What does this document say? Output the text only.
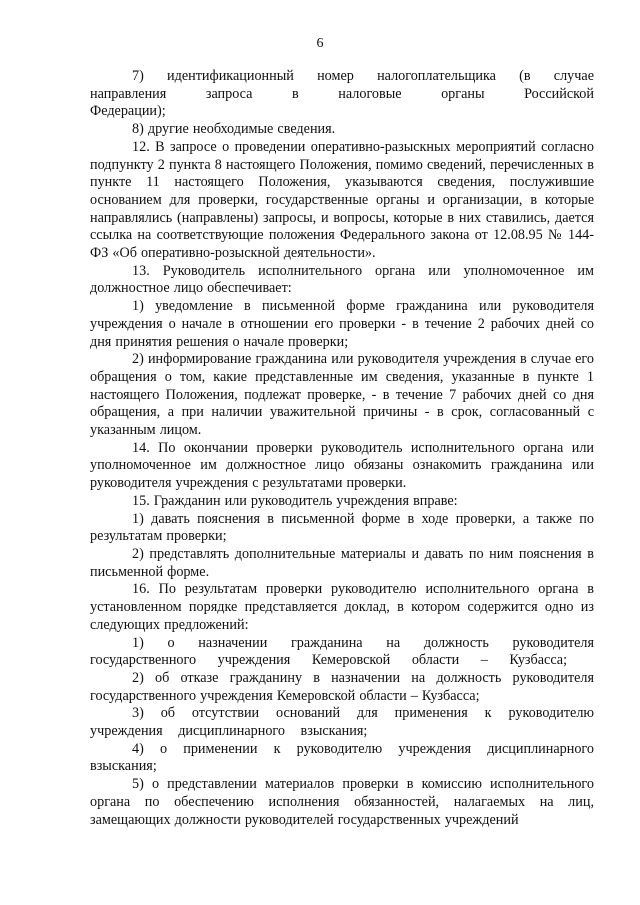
6

7) идентификационный номер налогоплательщика (в случае направления запроса в налоговые органы Российской Федерации);

8) другие необходимые сведения.

12. В запросе о проведении оперативно-разыскных мероприятий согласно подпункту 2 пункта 8 настоящего Положения, помимо сведений, перечисленных в пункте 11 настоящего Положения, указываются сведения, послужившие основанием для проверки, государственные органы и организации, в которые направлялись (направлены) запросы, и вопросы, которые в них ставились, дается ссылка на соответствующие положения Федерального закона от 12.08.95 № 144-ФЗ «Об оперативно-розыскной деятельности».

13. Руководитель исполнительного органа или уполномоченное им должностное лицо обеспечивает:

1) уведомление в письменной форме гражданина или руководителя учреждения о начале в отношении его проверки - в течение 2 рабочих дней со дня принятия решения о начале проверки;

2) информирование гражданина или руководителя учреждения в случае его обращения о том, какие представленные им сведения, указанные в пункте 1 настоящего Положения, подлежат проверке, - в течение 7 рабочих дней со дня обращения, а при наличии уважительной причины - в срок, согласованный с указанным лицом.

14. По окончании проверки руководитель исполнительного органа или уполномоченное им должностное лицо обязаны ознакомить гражданина или руководителя учреждения с результатами проверки.

15. Гражданин или руководитель учреждения вправе:

1) давать пояснения в письменной форме в ходе проверки, а также по результатам проверки;

2) представлять дополнительные материалы и давать по ним пояснения в письменной форме.

16. По результатам проверки руководителю исполнительного органа в установленном порядке представляется доклад, в котором содержится одно из следующих предложений:

1) о назначении гражданина на должность руководителя государственного учреждения Кемеровской области – Кузбасса;

2) об отказе гражданину в назначении на должность руководителя государственного учреждения Кемеровской области – Кузбасса;

3) об отсутствии оснований для применения к руководителю учреждения дисциплинарного взыскания;

4) о применении к руководителю учреждения дисциплинарного взыскания;

5) о представлении материалов проверки в комиссию исполнительного органа по обеспечению исполнения обязанностей, налагаемых на лиц, замещающих должности руководителей государственных учреждений
